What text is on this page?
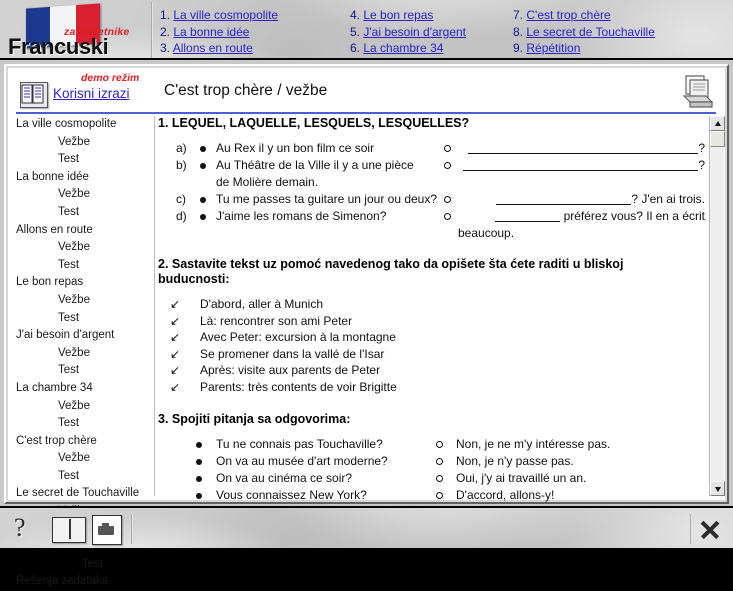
za početnike
Francuski
1. La ville cosmopolite
2. La bonne idée
3. Allons en route
4. Le bon repas
5. J'ai besoin d'argent
6. La chambre 34
7. C'est trop chère
8. Le secret de Touchaville
9. Répétition
demo režim
Korisni izrazi C'est trop chère / vežbe
La ville cosmopolite
Vežbe
Test
La bonne idée
Vežbe
Test
Allons en route
Vežbe
Test
Le bon repas
Vežbe
Test
J'ai besoin d'argent
Vežbe
Test
La chambre 34
Vežbe
Test
C'est trop chère
Vežbe
Test
Le secret de Touchaville
Test
Rešenja zadataka
1. LEQUEL, LAQUELLE, LESQUELS, LESQUELLES?
a) Au Rex il y un bon film ce soir	?
b) Au Théâtre de la Ville il y a une pièce	?
de Molière demain.
c)	Tu me passes ta guitare un jour ou deux?	? J'en ai trois.
d) J'aime les romans de Simenon?	préférez vous? Il en a écrit
beaucoup.
2. Sastavite tekst uz pomoć navedenog tako da opišete šta ćete raditi u bliskoj buducnosti:
↙ D'abord, aller à Munich
↙ Là: rencontrer son ami Peter
↙ Avec Peter: excursion à la montagne
↙ Se promener dans la vallé de l'Isar
↙ Après: visite aux parents de Peter
↙ Parents: très contents de voir Brigitte
3. Spojiti pitanja sa odgovorima:
Tu ne connais pas Touchaville?	Non, je ne m'y intéresse pas.
On va au musée d'art moderne?	Non, je n'y passe pas.
On va au cinéma ce soir?	Oui, j'y ai travaillé un an.
Vous connaissez New York?	D'accord, allons-y!
?
